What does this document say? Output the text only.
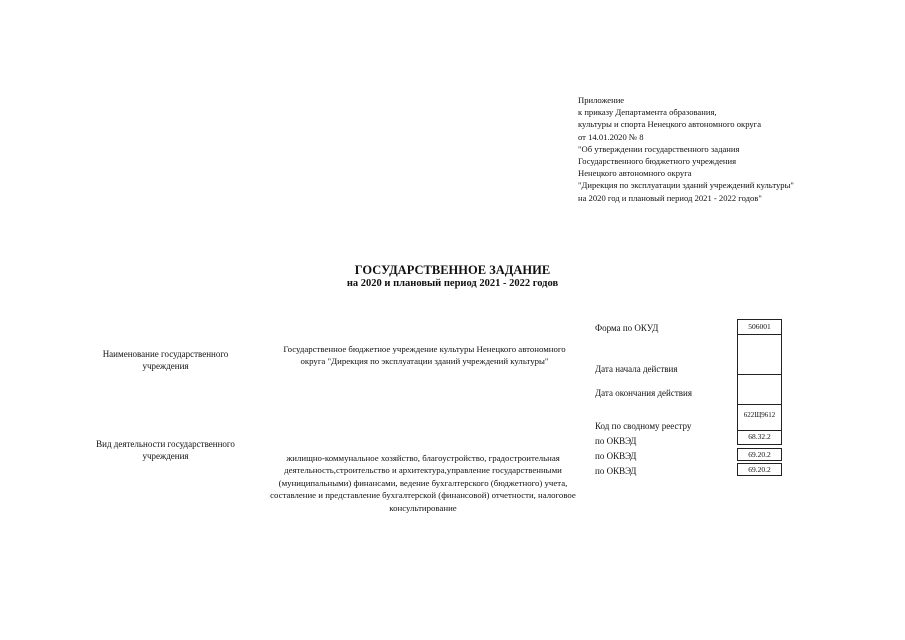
Приложение
к приказу Департамента образования,
культуры и спорта Ненецкого автономного округа
от 14.01.2020 № 8
"Об утверждении государственного задания
Государственного бюджетного учреждения
Ненецкого автономного округа
"Дирекция по эксплуатации зданий учреждений культуры"
на 2020 год и плановый период 2021 - 2022 годов"
ГОСУДАРСТВЕННОЕ ЗАДАНИЕ
на 2020 и плановый период 2021 - 2022 годов
Наименование государственного учреждения
Государственное бюджетное учреждение культуры Ненецкого автономного округа "Дирекция по эксплуатации зданий учреждений культуры"
Вид деятельности государственного учреждения	жилищно-коммунальное хозяйство, благоустройство, градостроительная деятельность,строительство и архитектура,управление государственными (муниципальными) финансами, ведение бухгалтерского (бюджетного) учета, составление и представление бухгалтерской (финансовой) отчетности, налоговое консультирование
Форма по ОКУД
Дата начала действия
Дата окончания действия
Код по сводному реестру
по ОКВЭД
по ОКВЭД
по ОКВЭД
506001
622Щ9612
68.32.2
69.20.2
69.20.2
